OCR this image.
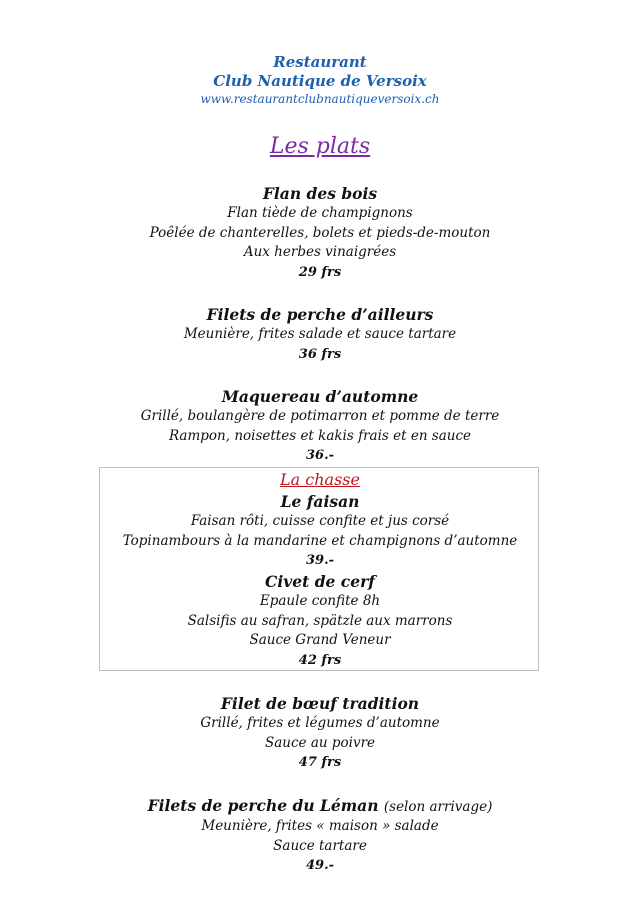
Restaurant
Club Nautique de Versoix
www.restaurantclubnautiqueversoix.ch
Les plats
Flan des bois
Flan tiède de champignons
Poêlée de chanterelles, bolets et pieds-de-mouton
Aux herbes vinaigrées
29 frs
Filets de perche d’ailleurs
Meunière, frites salade et sauce tartare
36 frs
Maquereau d’automne
Grillé, boulangère de potimarron et pomme de terre
Rampon, noisettes et kakis frais et en sauce
36.-
La chasse
Le faisan
Faisan rôti, cuisse confite et jus corsé
Topinambours à la mandarine et champignons d’automne
39.-
Civet de cerf
Epaule confite 8h
Salsifis au safran, spätzle aux marrons
Sauce Grand Veneur
42 frs
Filet de bœuf tradition
Grillé, frites et légumes d’automne
Sauce au poivre
47 frs
Filets de perche du Léman (selon arrivage)
Meunière, frites « maison » salade
Sauce tartare
49.-
